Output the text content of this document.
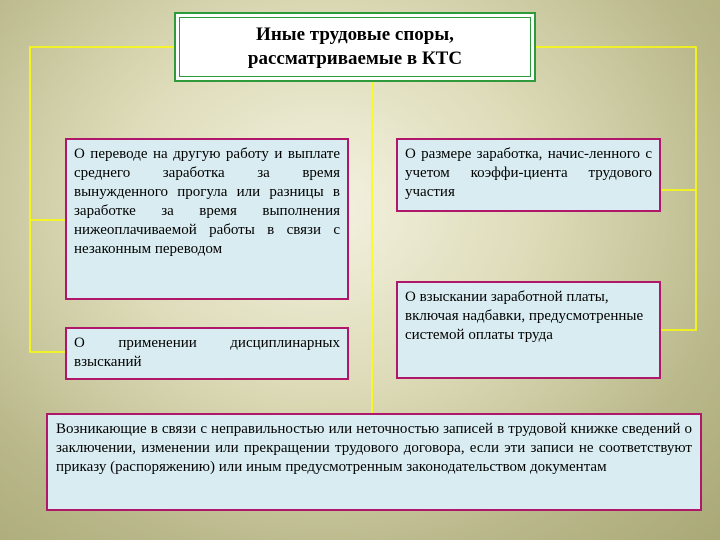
Иные трудовые споры, рассматриваемые в КТС
О переводе на другую работу и выплате среднего заработка за время вынужденного прогула или разницы в заработке за время выполнения нижеоплачиваемой работы в связи с незаконным переводом
О применении дисциплинарных взысканий
О размере заработка, начис-ленного с учетом коэффи-циента трудового участия
О взыскании заработной платы, включая надбавки, предусмотренные системой оплаты труда
Возникающие в связи с неправильностью или неточностью записей в трудовой книжке сведений о заключении, изменении или прекращении трудового договора, если эти записи не соответствуют приказу (распоряжению) или иным предусмотренным законодательством документам
